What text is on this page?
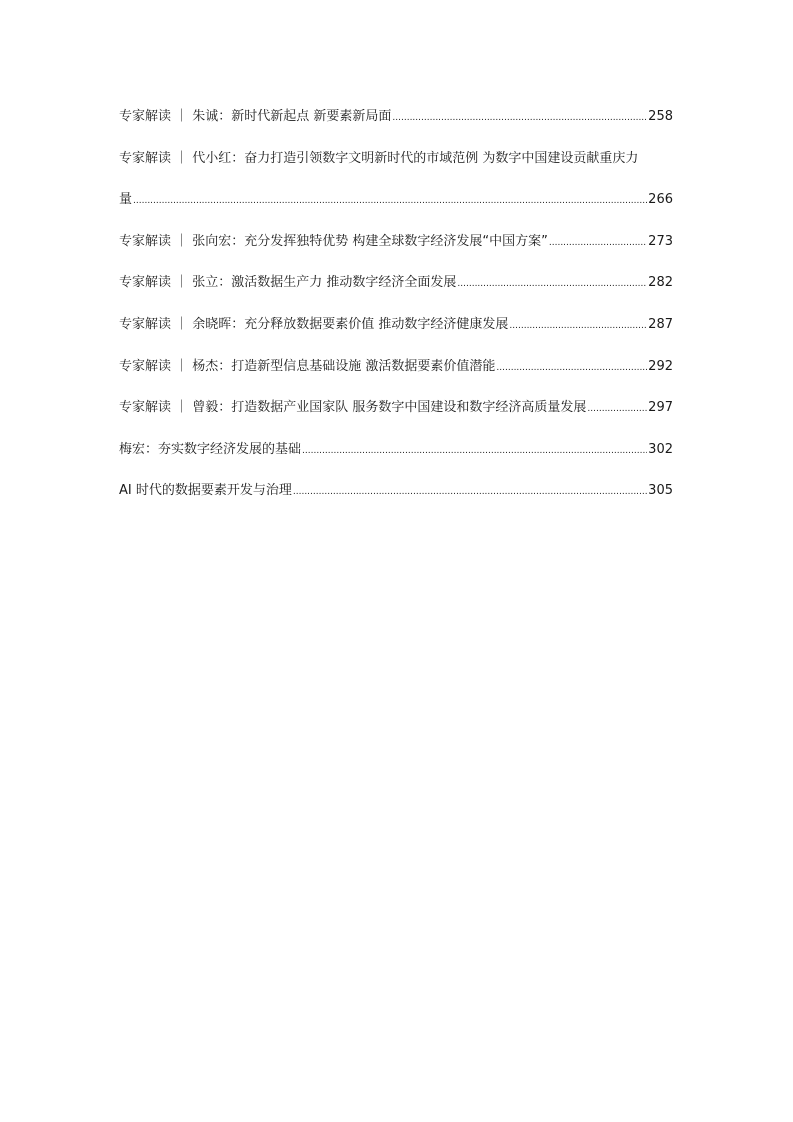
专家解读 ｜ 朱诚：新时代新起点 新要素新局面 .....	258
专家解读 ｜ 代小红：奋力打造引领数字文明新时代的市域范例 为数字中国建设贡献重庆力
量 .....	266
专家解读 ｜ 张向宏：充分发挥独特优势 构建全球数字经济发展“中国方案” .....	273
专家解读 ｜ 张立：激活数据生产力 推动数字经济全面发展 .....	282
专家解读 ｜ 余晓晖：充分释放数据要素价值 推动数字经济健康发展 .....	287
专家解读 ｜ 杨杰：打造新型信息基础设施 激活数据要素价值潜能 .....	292
专家解读 ｜ 曾毅：打造数据产业国家队 服务数字中国建设和数字经济高质量发展 .....	297
梅宏：夯实数字经济发展的基础 .....	302
AI 时代的数据要素开发与治理 .....	305
